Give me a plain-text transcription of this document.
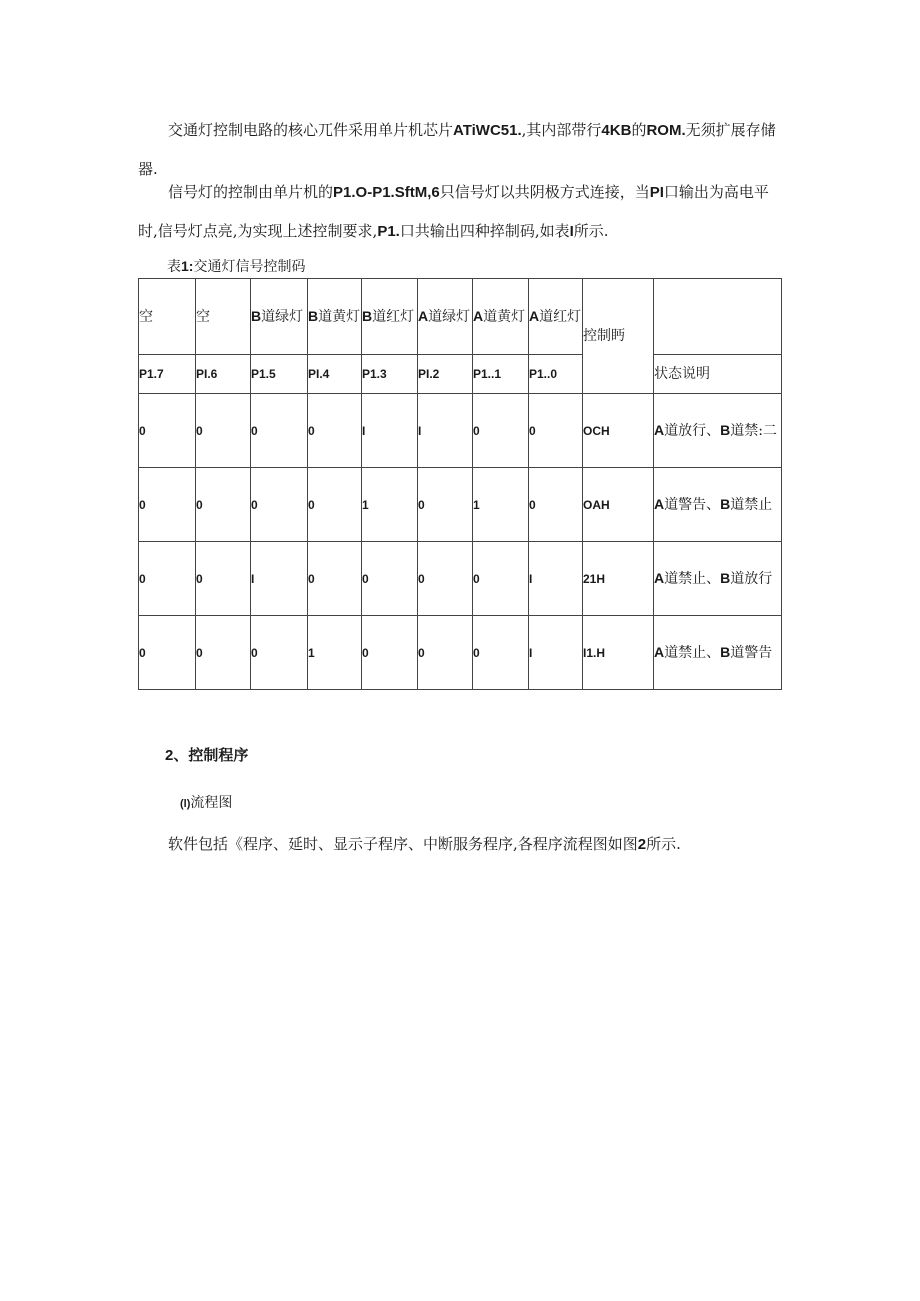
交通灯控制电路的核心兀件采用单片机芯片ATiWC51.,其内部带行4KB的ROM.无须扩展存储器.

信号灯的控制由单片机的P1.O-P1.SftM,6只信号灯以共阴极方式连接，当PI口输出为高电平时,信号灯点亮,为实现上述控制要求,P1.口共输出四种捽制码,如表I所示.

表1:交通灯信号控制码
空	空	B道绿灯	B道黄灯	B道红灯	A道绿灯	A道黄灯	A道红灯	控制眄	
P1.7	PI.6	P1.5	PI.4	P1.3	PI.2	P1..1	P1..0		状态说明
0	0	0	0	I	I	0	0	OCH	A道放行、B道禁:二
0	0	0	0	1	0	1	0	OAH	A道警告、B道禁止
0	0	I	0	0	0	0	I	21H	A道禁止、B道放行
0	0	0	1	0	0	0	I	I1.H	A道禁止、B道警告
2、控制程序
(l)流程图

软件包括《程序、延时、显示子程序、中断服务程序,各程序流程图如图2所示.
